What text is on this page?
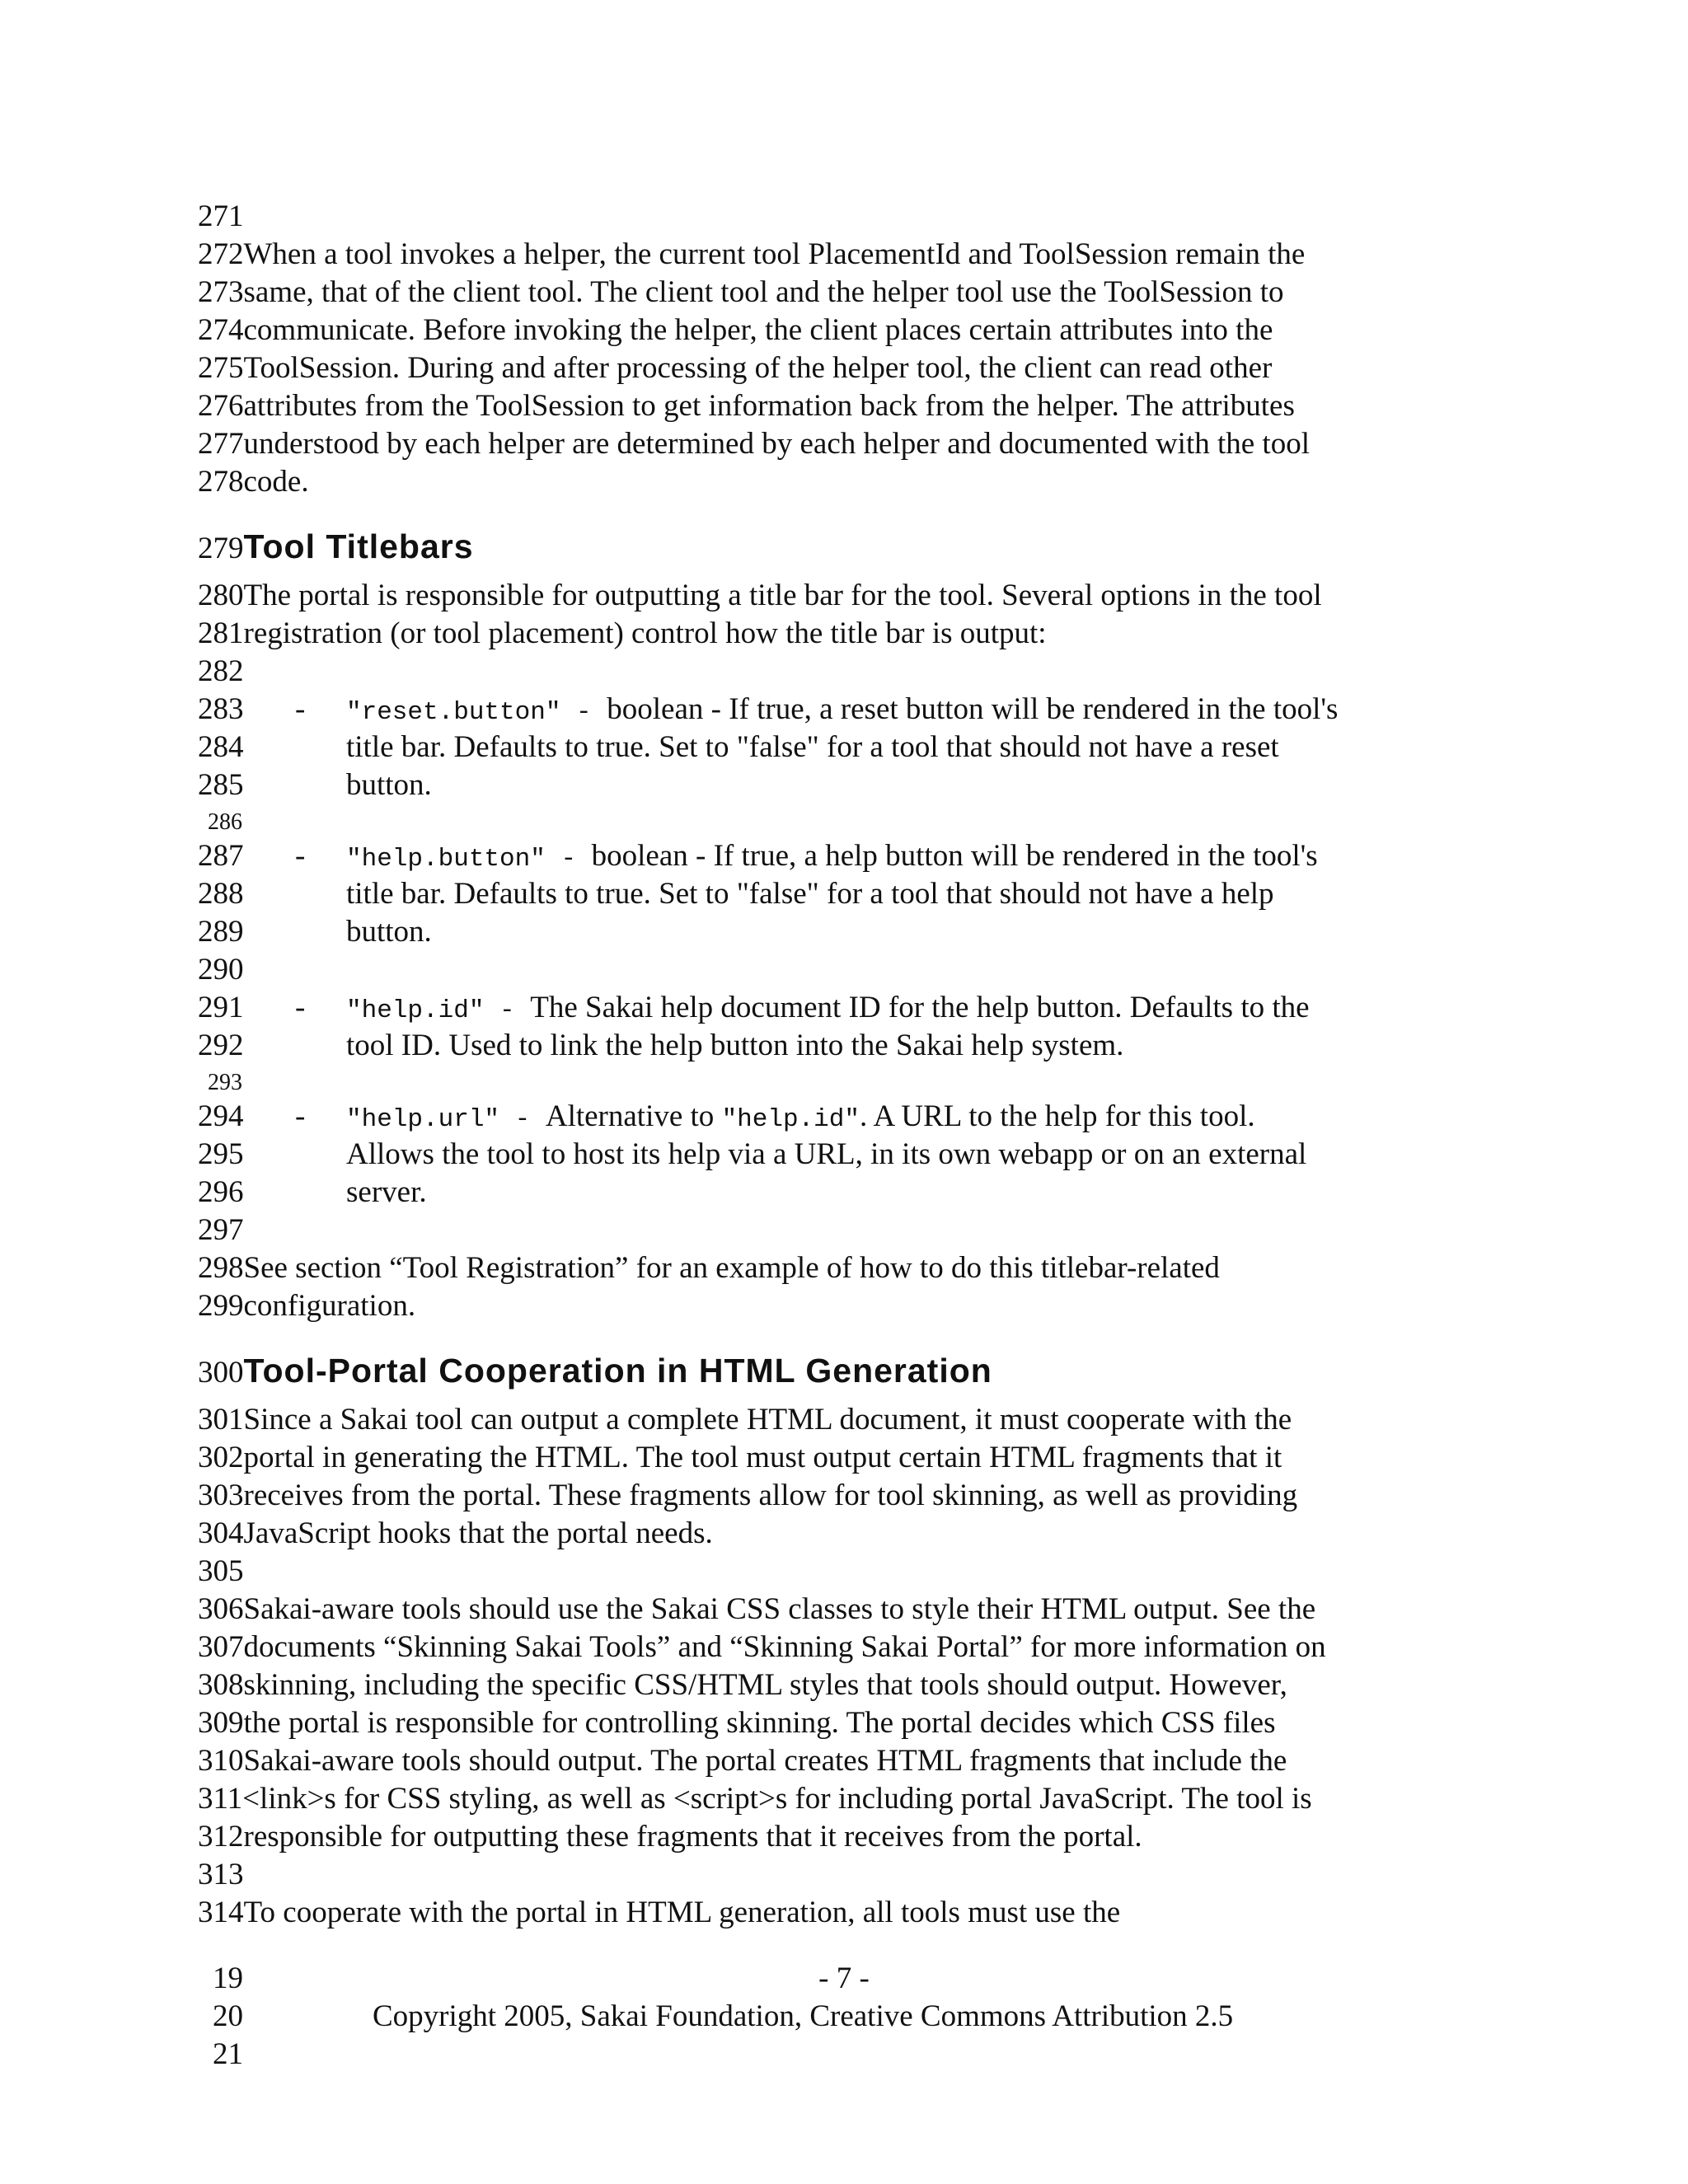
271
272When a tool invokes a helper, the current tool PlacementId and ToolSession remain the
273same, that of the client tool. The client tool and the helper tool use the ToolSession to
274communicate. Before invoking the helper, the client places certain attributes into the
275ToolSession. During and after processing of the helper tool, the client can read other
276attributes from the ToolSession to get information back from the helper. The attributes
277understood by each helper are determined by each helper and documented with the tool
278code.
279Tool Titlebars
280The portal is responsible for outputting a title bar for the tool. Several options in the tool
281registration (or tool placement) control how the title bar is output:
282
283 - "reset.button" - boolean - If true, a reset button will be rendered in the tool's
284	title bar. Defaults to true. Set to "false" for a tool that should not have a reset
285	button.
286
287 - "help.button" - boolean - If true, a help button will be rendered in the tool's
288	title bar. Defaults to true. Set to "false" for a tool that should not have a help
289	button.
290
291 - "help.id" - The Sakai help document ID for the help button. Defaults to the
292	tool ID. Used to link the help button into the Sakai help system.
293
294 - "help.url" - Alternative to "help.id". A URL to the help for this tool.
295	Allows the tool to host its help via a URL, in its own webapp or on an external
296	server.
297
298See section “Tool Registration” for an example of how to do this titlebar-related
299configuration.
300Tool-Portal Cooperation in HTML Generation
301Since a Sakai tool can output a complete HTML document, it must cooperate with the
302portal in generating the HTML. The tool must output certain HTML fragments that it
303receives from the portal. These fragments allow for tool skinning, as well as providing
304JavaScript hooks that the portal needs.
305
306Sakai-aware tools should use the Sakai CSS classes to style their HTML output. See the
307documents “Skinning Sakai Tools” and “Skinning Sakai Portal” for more information on
308skinning, including the specific CSS/HTML styles that tools should output. However,
309the portal is responsible for controlling skinning. The portal decides which CSS files
310Sakai-aware tools should output. The portal creates HTML fragments that include the
311<link>s for CSS styling, as well as <script>s for including portal JavaScript. The tool is
312responsible for outputting these fragments that it receives from the portal.
313
314To cooperate with the portal in HTML generation, all tools must use the
19	- 7 -
20	Copyright 2005, Sakai Foundation, Creative Commons Attribution 2.5
21
